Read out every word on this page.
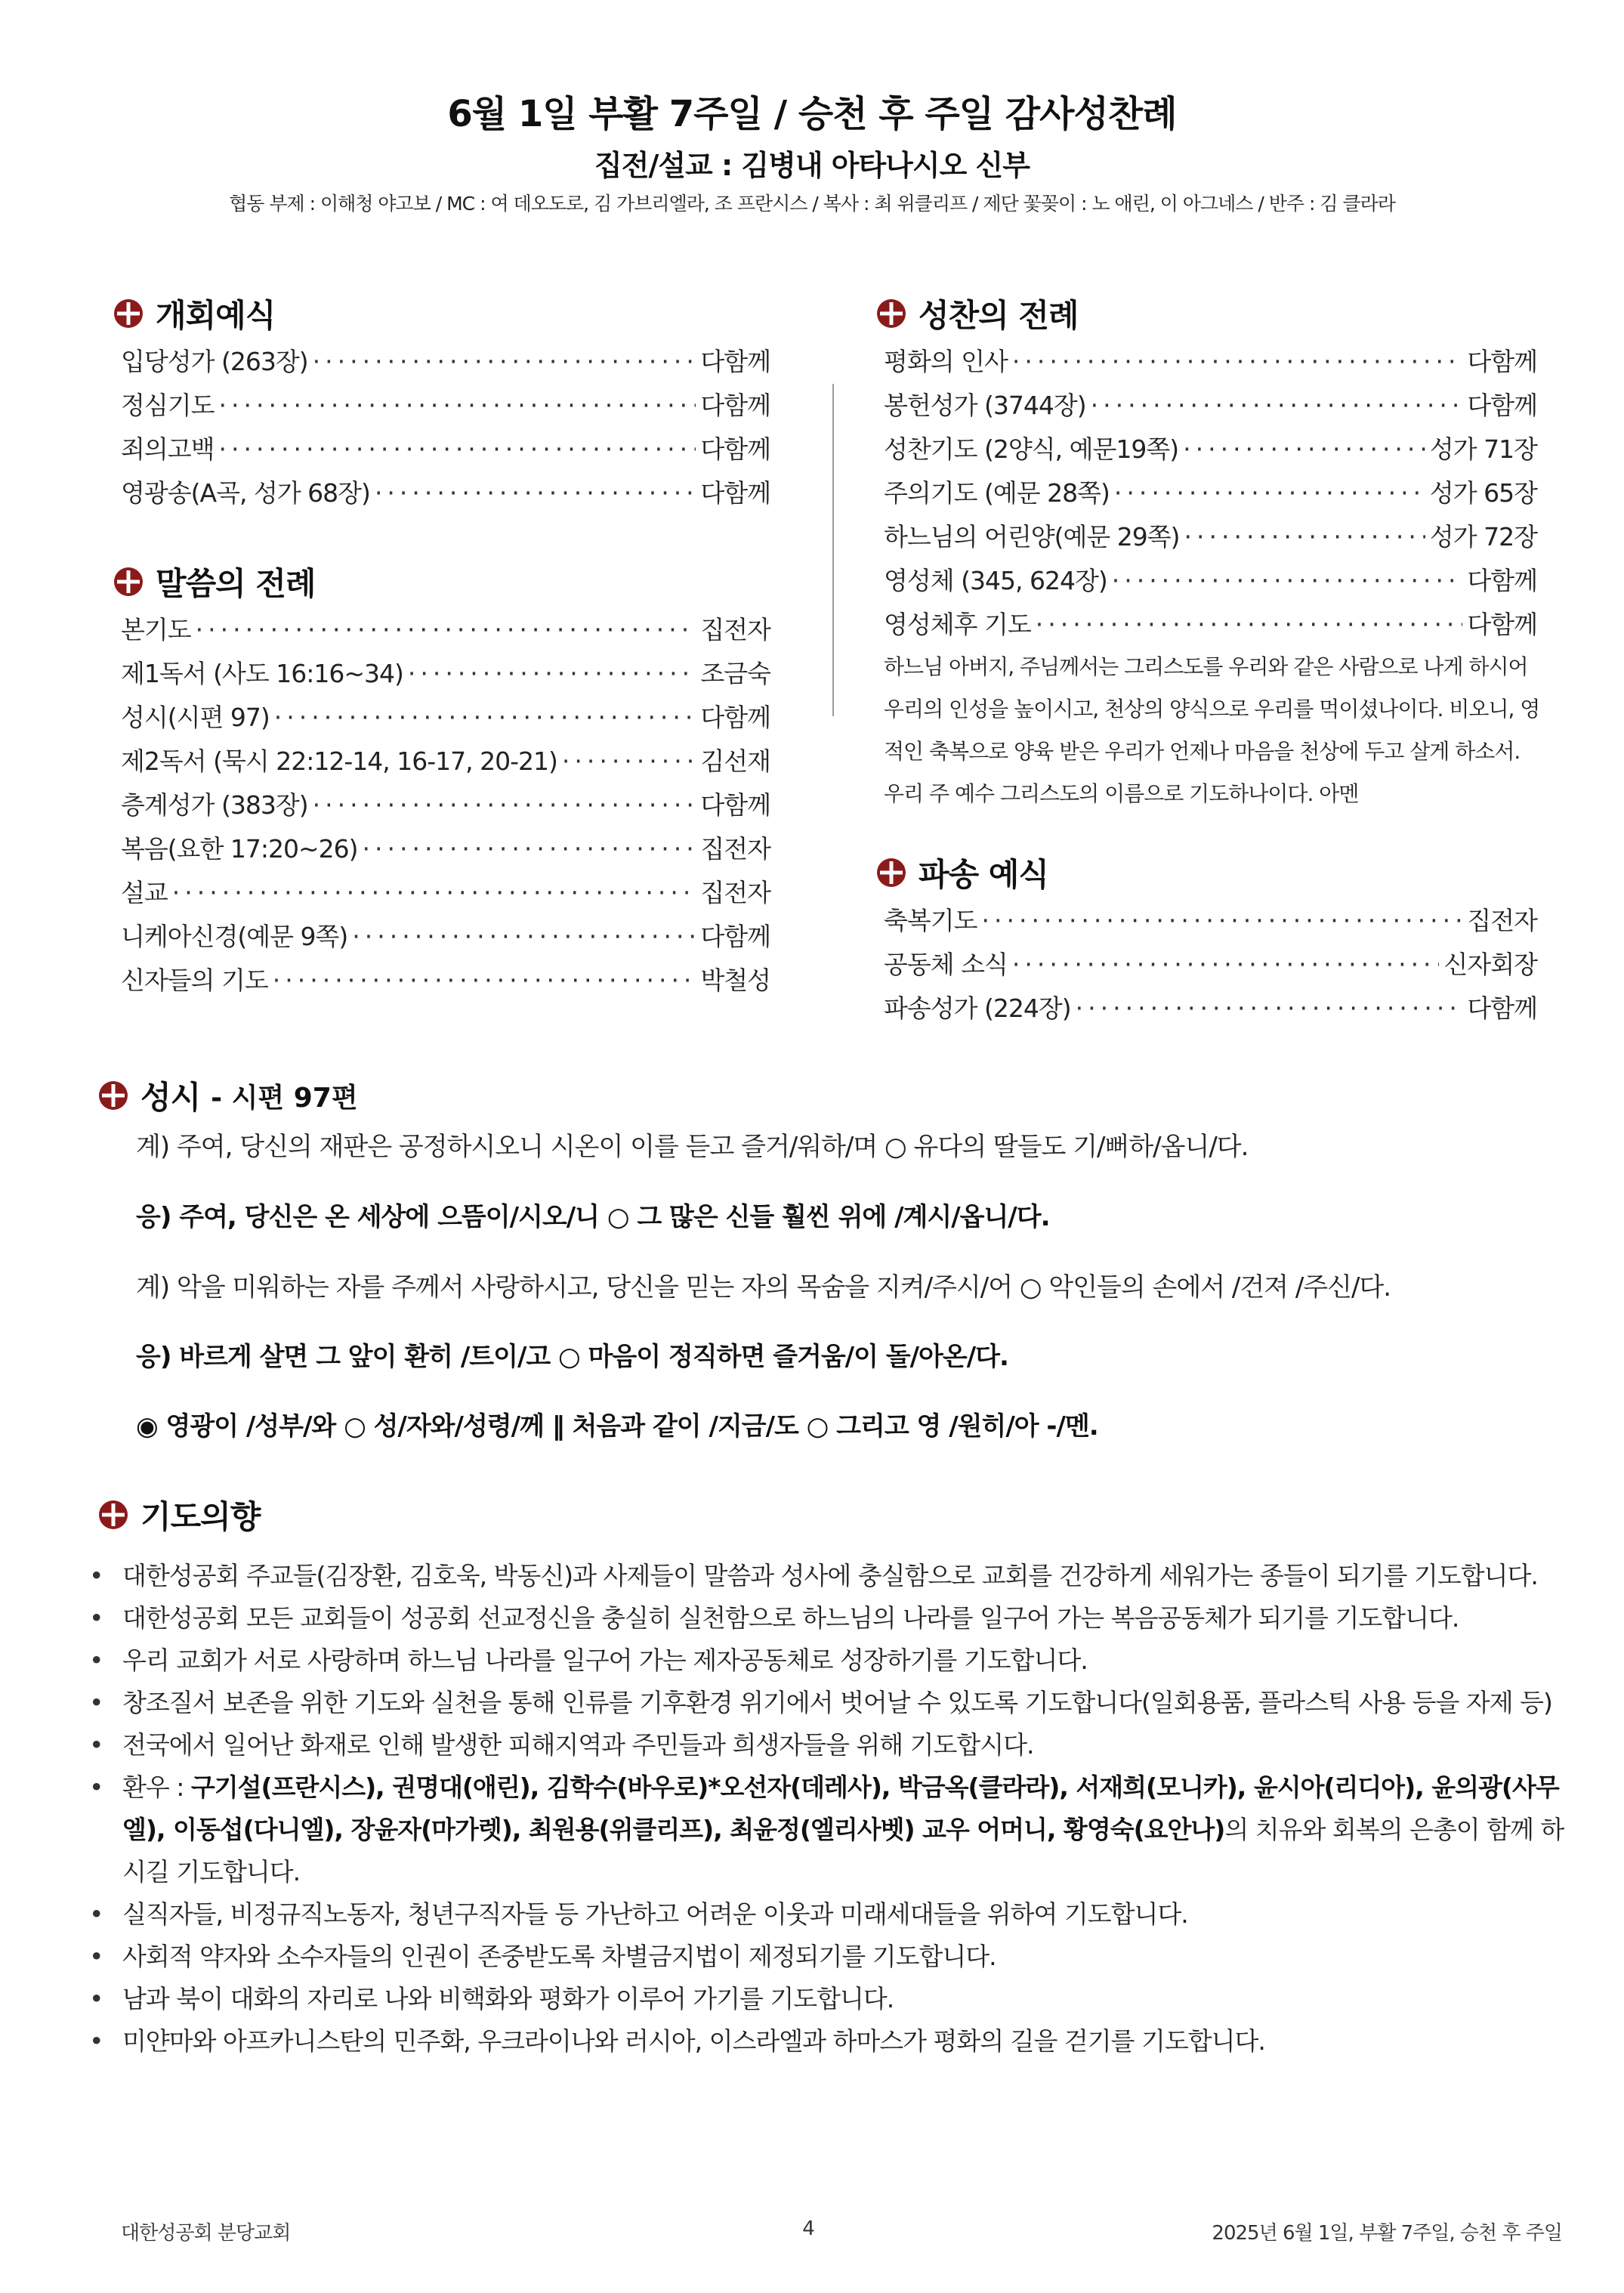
6월 1일 부활 7주일 / 승천 후 주일 감사성찬례
집전/설교 : 김병내 아타나시오 신부
협동 부제 : 이해청 야고보 / MC : 여 데오도로, 김 가브리엘라, 조 프란시스 / 복사 : 최 위클리프 / 제단 꽃꽂이 : 노 애린, 이 아그네스 / 반주 : 김 클라라
개회예식
입당성가 (263장) ·····	다함께
정심기도 ·····	다함께
죄의고백 ·····	다함께
영광송(A곡, 성가 68장) ·····	다함께
말씀의 전례
본기도 ·····	집전자
제1독서 (사도 16:16~34) ·····	조금숙
성시(시편 97) ·····	다함께
제2독서 (묵시 22:12-14, 16-17, 20-21) ·····	김선재
층계성가 (383장) ·····	다함께
복음(요한 17:20~26) ·····	집전자
설교 ·····	집전자
니케아신경(예문 9쪽) ·····	다함께
신자들의 기도 ·····	박철성
성찬의 전례
평화의 인사 ·····	다함께
봉헌성가 (3744장) ·····	다함께
성찬기도 (2양식, 예문19쪽) ·····	성가 71장
주의기도 (예문 28쪽) ·····	성가 65장
하느님의 어린양(예문 29쪽) ·····	성가 72장
영성체 (345, 624장) ·····	다함께
영성체후 기도 ·····	다함께
하느님 아버지, 주님께서는 그리스도를 우리와 같은 사람으로 나게 하시어 우리의 인성을 높이시고, 천상의 양식으로 우리를 먹이셨나이다. 비오니, 영적인 축복으로 양육 받은 우리가 언제나 마음을 천상에 두고 살게 하소서. 우리 주 예수 그리스도의 이름으로 기도하나이다. 아멘
파송 예식
축복기도 ·····	집전자
공동체 소식 ·····	신자회장
파송성가 (224장) ·····	다함께
성시 - 시편 97편
계) 주여, 당신의 재판은 공정하시오니 시온이 이를 듣고 즐거/워하/며 ○ 유다의 딸들도 기/뻐하/옵니/다.
응) 주여, 당신은 온 세상에 으뜸이/시오/니 ○ 그 많은 신들 훨씬 위에 /계시/옵니/다.
계) 악을 미워하는 자를 주께서 사랑하시고, 당신을 믿는 자의 목숨을 지켜/주시/어 ○ 악인들의 손에서 /건져 /주신/다.
응) 바르게 살면 그 앞이 환히 /트이/고 ○ 마음이 정직하면 즐거움/이 돌/아온/다.
◉ 영광이 /성부/와 ○ 성/자와/성령/께 ‖ 처음과 같이 /지금/도 ○ 그리고 영 /원히/아 -/멘.
기도의향
• 대한성공회 주교들(김장환, 김호욱, 박동신)과 사제들이 말씀과 성사에 충실함으로 교회를 건강하게 세워가는 종들이 되기를 기도합니다.
• 대한성공회 모든 교회들이 성공회 선교정신을 충실히 실천함으로 하느님의 나라를 일구어 가는 복음공동체가 되기를 기도합니다.
• 우리 교회가 서로 사랑하며 하느님 나라를 일구어 가는 제자공동체로 성장하기를 기도합니다.
• 창조질서 보존을 위한 기도와 실천을 통해 인류를 기후환경 위기에서 벗어날 수 있도록 기도합니다(일회용품, 플라스틱 사용 등을 자제 등)
• 전국에서 일어난 화재로 인해 발생한 피해지역과 주민들과 희생자들을 위해 기도합시다.
• 환우 : 구기설(프란시스), 권명대(애린), 김학수(바우로)*오선자(데레사), 박금옥(클라라), 서재희(모니카), 윤시아(리디아), 윤의광(사무엘), 이동섭(다니엘), 장윤자(마가렛), 최원용(위클리프), 최윤정(엘리사벳) 교우 어머니, 황영숙(요안나)의 치유와 회복의 은총이 함께 하시길 기도합니다.
• 실직자들, 비정규직노동자, 청년구직자들 등 가난하고 어려운 이웃과 미래세대들을 위하여 기도합니다.
• 사회적 약자와 소수자들의 인권이 존중받도록 차별금지법이 제정되기를 기도합니다.
• 남과 북이 대화의 자리로 나와 비핵화와 평화가 이루어 가기를 기도합니다.
• 미얀마와 아프카니스탄의 민주화, 우크라이나와 러시아, 이스라엘과 하마스가 평화의 길을 걷기를 기도합니다.
대한성공회 분당교회	4	2025년 6월 1일, 부활 7주일, 승천 후 주일
